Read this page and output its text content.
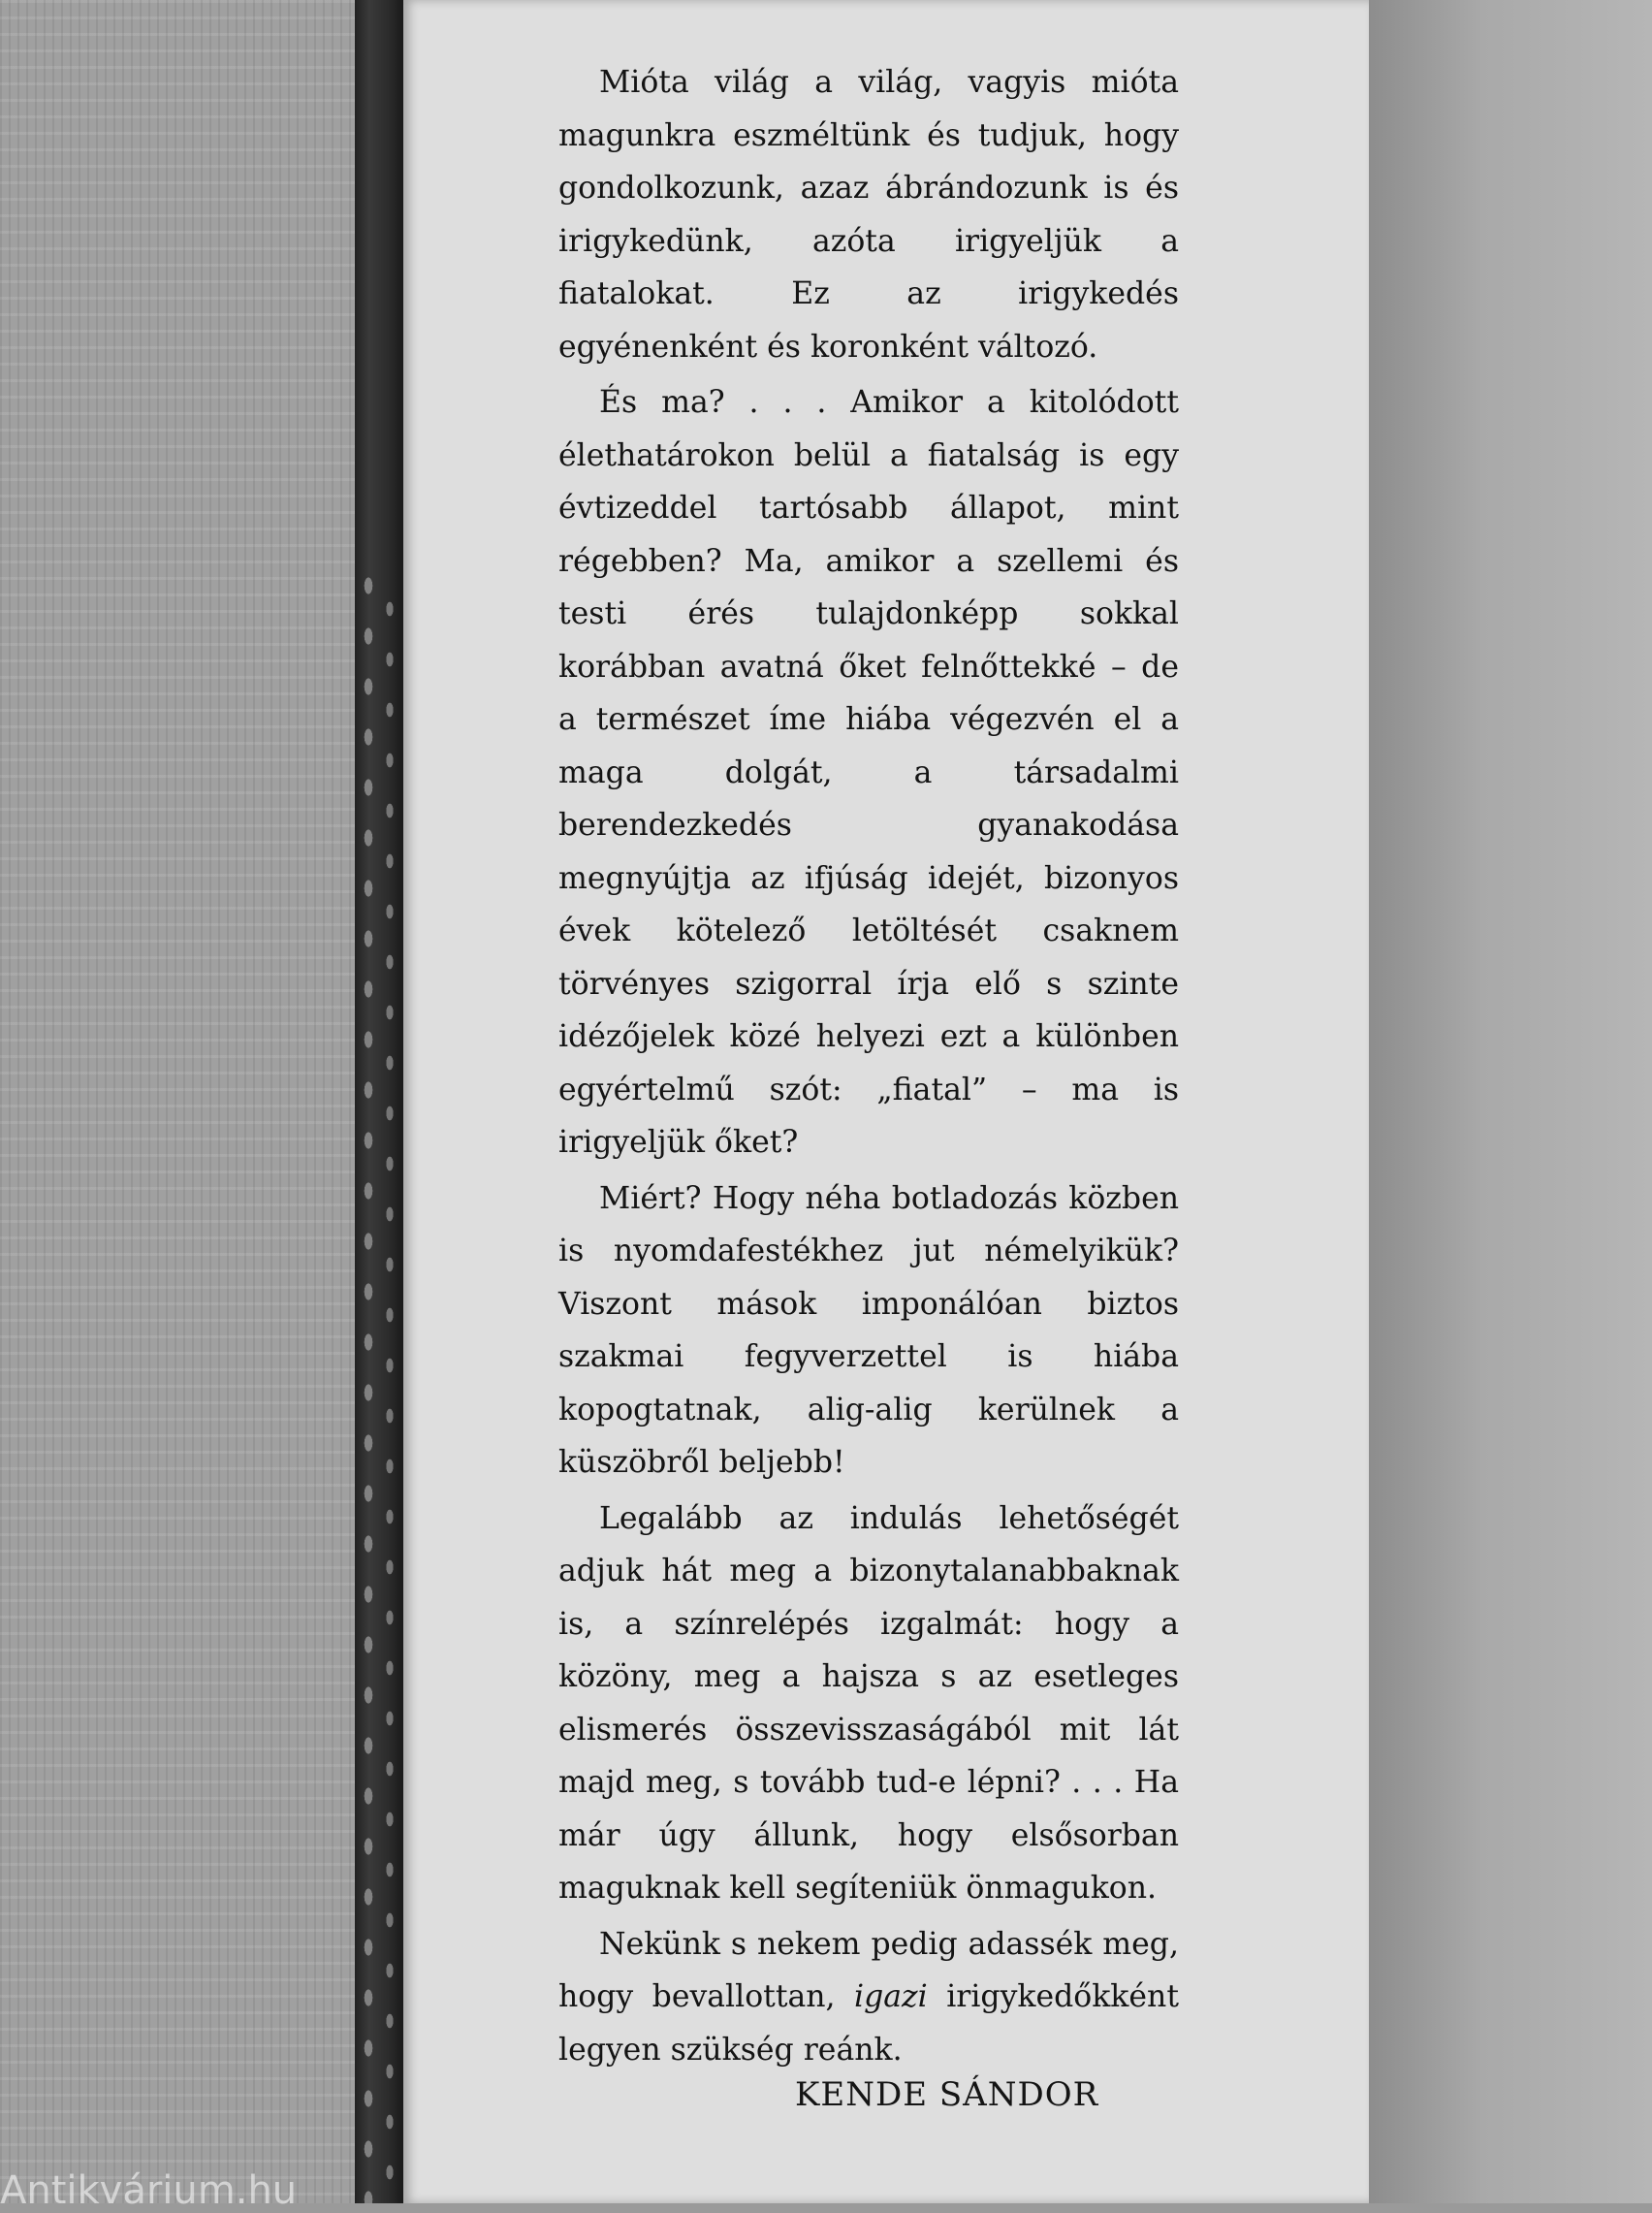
Mióta világ a világ, vagyis mióta magunkra eszméltünk és tudjuk, hogy gondolkozunk, azaz ábrándozunk is és irigykedünk, azóta irigyeljük a fiatalokat. Ez az irigykedés egyénenként és koronként változó.

És ma? . . . Amikor a kitolódott élethatárokon belül a fiatalság is egy évtizeddel tartósabb állapot, mint régebben? Ma, amikor a szellemi és testi érés tulajdonképp sokkal korábban avatná őket felnőttekké – de a természet íme hiába végezvén el a maga dolgát, a társadalmi berendezkedés gyanakodása megnyújtja az ifjúság idejét, bizonyos évek kötelező letöltését csaknem törvényes szigorral írja elő s szinte idézőjelek közé helyezi ezt a különben egyértelmű szót: „fiatal” – ma is irigyeljük őket?

Miért? Hogy néha botladozás közben is nyomdafestékhez jut némelyikük? Viszont mások imponálóan biztos szakmai fegyverzettel is hiába kopogtatnak, alig-alig kerülnek a küszöbről beljebb!

Legalább az indulás lehetőségét adjuk hát meg a bizonytalanabbaknak is, a színrelépés izgalmát: hogy a közöny, meg a hajsza s az esetleges elismerés összevisszaságából mit lát majd meg, s tovább tud-e lépni? . . . Ha már úgy állunk, hogy elsősorban maguknak kell segíteniük önmagukon.

Nekünk s nekem pedig adassék meg, hogy bevallottan, igazi irigykedőkként legyen szükség reánk.

KENDE SÁNDOR
Antikvárium.hu
